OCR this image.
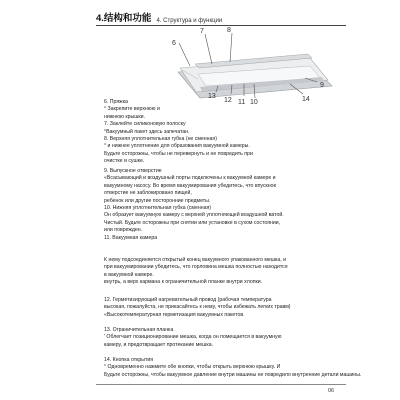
4.结构和功能 4. Структура и функции
6
7	8
9
10
11
12
13	14
6. Пряжка
° Закрепите верхнюю и
нижнюю крышки.
7. Заклейте силиконовую полоску
°Вакуумный пакет здесь запечатан.
8. Верхняя уплотнительная губка (не сменная)
° и нижнее уплотнение для образования вакуумной камеры.
Будьте осторожны, чтобы не перевернуть и не повредить при
очистке и сушке.
9. Выпускное отверстие
«Всасывающий и воздушный порты подключены к вакуумной камере и
вакуумному насосу. Во время вакуумирования убедитесь, что впускное
отверстие не заблокировано пищей,
ребенок или другие посторонние предметы.
10. Нижняя уплотнительная губка (сменная)
Он образует вакуумную камеру с верхней уплотняющей воздушной ватой.
Чистый. Будьте осторожны при снятии или установке в сухом состоянии,
или поврежден.
11. Вакуумная камера
К нему подсоединяется открытый конец вакуумного упакованного мешка, и
при вакуумировании убедитесь, что горловина мешка полностью находится
в вакуумной камере.
внутрь, а верх кармана к ограничительной планке внутри хлопки.
12. Герметизирующий нагревательный провод (рабочая температура
высокая, пожалуйста, не прикасайтесь к нему, чтобы избежать легких травм)
«Высокотемпературная герметизация вакуумных пакетов.
13. Ограничительная планка
' Облегчает позиционирование мешка, когда он помещается в вакуумную
камеру, и предотвращает протекание мешка.
14. Кнопка открытия
° Одновременно нажмите обе кнопки, чтобы открыть верхнюю крышку. И
Будьте осторожны, чтобы вакуумное давление внутри машины не повредило внутренние детали машины.
06
